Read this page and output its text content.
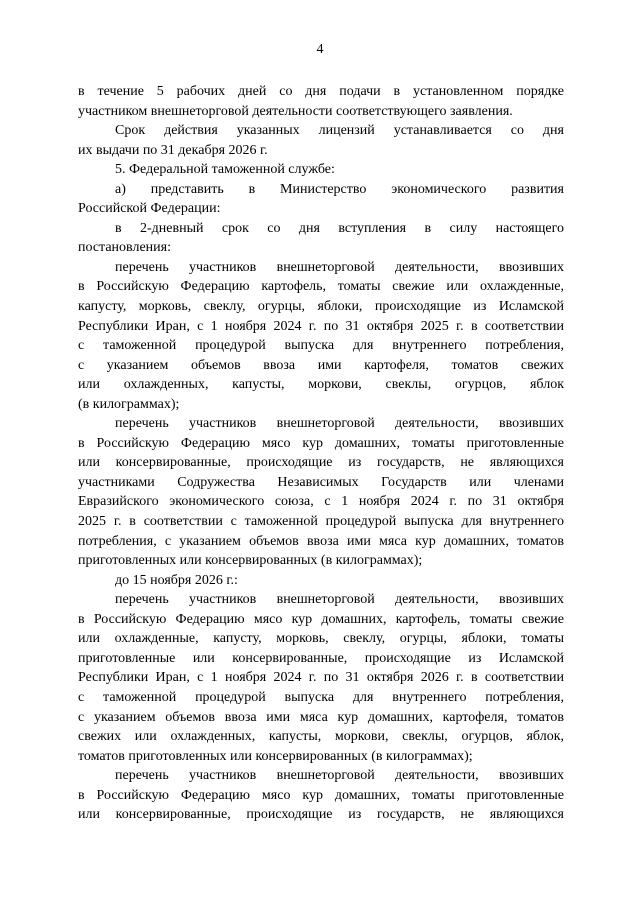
4
в течение 5 рабочих дней со дня подачи в установленном порядке
участником внешнеторговой деятельности соответствующего заявления.
Срок действия указанных лицензий устанавливается со дня
их выдачи по 31 декабря 2026 г.
5. Федеральной таможенной службе:
а) представить в Министерство экономического развития
Российской Федерации:
в 2-дневный срок со дня вступления в силу настоящего
постановления:
перечень участников внешнеторговой деятельности, ввозивших
в Российскую Федерацию картофель, томаты свежие или охлажденные,
капусту, морковь, свеклу, огурцы, яблоки, происходящие из Исламской
Республики Иран, с 1 ноября 2024 г. по 31 октября 2025 г. в соответствии
с таможенной процедурой выпуска для внутреннего потребления,
с указанием объемов ввоза ими картофеля, томатов свежих
или охлажденных, капусты, моркови, свеклы, огурцов, яблок
(в килограммах);
перечень участников внешнеторговой деятельности, ввозивших
в Российскую Федерацию мясо кур домашних, томаты приготовленные
или консервированные, происходящие из государств, не являющихся
участниками Содружества Независимых Государств или членами
Евразийского экономического союза, с 1 ноября 2024 г. по 31 октября
2025 г. в соответствии с таможенной процедурой выпуска для внутреннего
потребления, с указанием объемов ввоза ими мяса кур домашних, томатов
приготовленных или консервированных (в килограммах);
до 15 ноября 2026 г.:
перечень участников внешнеторговой деятельности, ввозивших
в Российскую Федерацию мясо кур домашних, картофель, томаты свежие
или охлажденные, капусту, морковь, свеклу, огурцы, яблоки, томаты
приготовленные или консервированные, происходящие из Исламской
Республики Иран, с 1 ноября 2024 г. по 31 октября 2026 г. в соответствии
с таможенной процедурой выпуска для внутреннего потребления,
с указанием объемов ввоза ими мяса кур домашних, картофеля, томатов
свежих или охлажденных, капусты, моркови, свеклы, огурцов, яблок,
томатов приготовленных или консервированных (в килограммах);
перечень участников внешнеторговой деятельности, ввозивших
в Российскую Федерацию мясо кур домашних, томаты приготовленные
или консервированные, происходящие из государств, не являющихся
